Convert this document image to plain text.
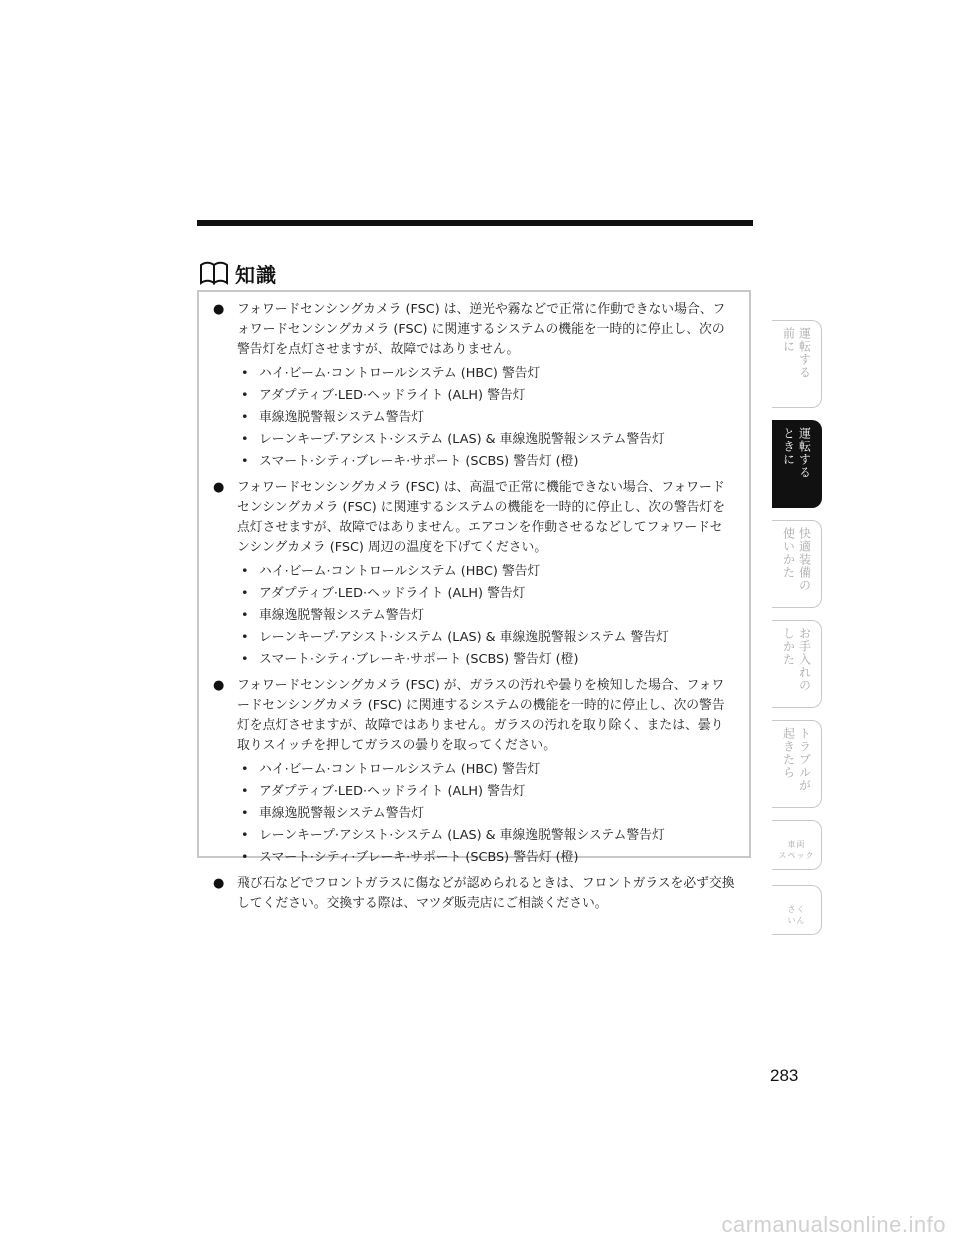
知識
● フォワードセンシングカメラ (FSC) は、逆光や霧などで正常に作動できない場合、フォワードセンシングカメラ (FSC) に関連するシステムの機能を一時的に停止し、次の警告灯を点灯させますが、故障ではありません。

• ハイ·ビーム·コントロールシステム (HBC) 警告灯
• アダプティブ·LED·ヘッドライト (ALH) 警告灯
• 車線逸脱警報システム警告灯
• レーンキープ·アシスト·システム (LAS) & 車線逸脱警報システム警告灯
• スマート·シティ·ブレーキ·サポート (SCBS) 警告灯 (橙)
● フォワードセンシングカメラ (FSC) は、高温で正常に機能できない場合、フォワードセンシングカメラ (FSC) に関連するシステムの機能を一時的に停止し、次の警告灯を点灯させますが、故障ではありません。エアコンを作動させるなどしてフォワードセンシングカメラ (FSC) 周辺の温度を下げてください。

• ハイ·ビーム·コントロールシステム (HBC) 警告灯
• アダプティブ·LED·ヘッドライト (ALH) 警告灯
• 車線逸脱警報システム警告灯
• レーンキープ·アシスト·システム (LAS) & 車線逸脱警報システム 警告灯
• スマート·シティ·ブレーキ·サポート (SCBS) 警告灯 (橙)
● フォワードセンシングカメラ (FSC) が、ガラスの汚れや曇りを検知した場合、フォワードセンシングカメラ (FSC) に関連するシステムの機能を一時的に停止し、次の警告灯を点灯させますが、故障ではありません。ガラスの汚れを取り除く、または、曇り取りスイッチを押してガラスの曇りを取ってください。

• ハイ·ビーム·コントロールシステム (HBC) 警告灯
• アダプティブ·LED·ヘッドライト (ALH) 警告灯
• 車線逸脱警報システム警告灯
• レーンキープ·アシスト·システム (LAS) & 車線逸脱警報システム警告灯
• スマート·シティ·ブレーキ·サポート (SCBS) 警告灯 (橙)
● 飛び石などでフロントガラスに傷などが認められるときは、フロントガラスを必ず交換してください。交換する際は、マツダ販売店にご相談ください。

運転する
前に
運転する
ときに
快適装備の
使いかた
お手入れの
しかた
トラブルが
起きたら
車両
スペック
さく
いん
283
carmanualsonline.info
